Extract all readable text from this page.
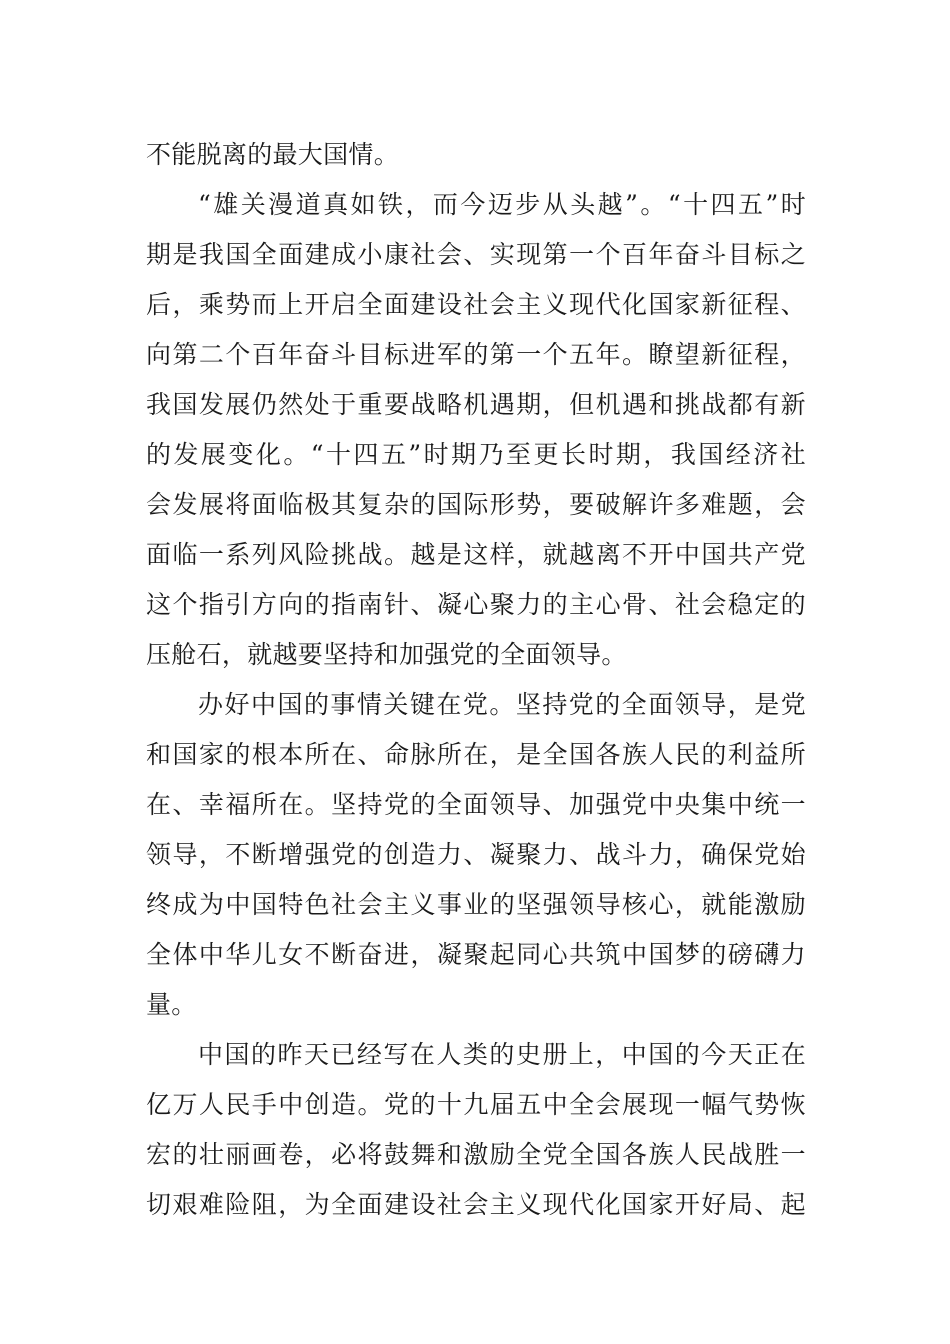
不能脱离的最大国情。
“雄关漫道真如铁，而今迈步从头越”。“十四五”时
期是我国全面建成小康社会、实现第一个百年奋斗目标之
后，乘势而上开启全面建设社会主义现代化国家新征程、
向第二个百年奋斗目标进军的第一个五年。瞭望新征程，
我国发展仍然处于重要战略机遇期，但机遇和挑战都有新
的发展变化。“十四五”时期乃至更长时期，我国经济社
会发展将面临极其复杂的国际形势，要破解许多难题，会
面临一系列风险挑战。越是这样，就越离不开中国共产党
这个指引方向的指南针、凝心聚力的主心骨、社会稳定的
压舱石，就越要坚持和加强党的全面领导。
办好中国的事情关键在党。坚持党的全面领导，是党
和国家的根本所在、命脉所在，是全国各族人民的利益所
在、幸福所在。坚持党的全面领导、加强党中央集中统一
领导，不断增强党的创造力、凝聚力、战斗力，确保党始
终成为中国特色社会主义事业的坚强领导核心，就能激励
全体中华儿女不断奋进，凝聚起同心共筑中国梦的磅礴力
量。
中国的昨天已经写在人类的史册上，中国的今天正在
亿万人民手中创造。党的十九届五中全会展现一幅气势恢
宏的壮丽画卷，必将鼓舞和激励全党全国各族人民战胜一
切艰难险阻，为全面建设社会主义现代化国家开好局、起
